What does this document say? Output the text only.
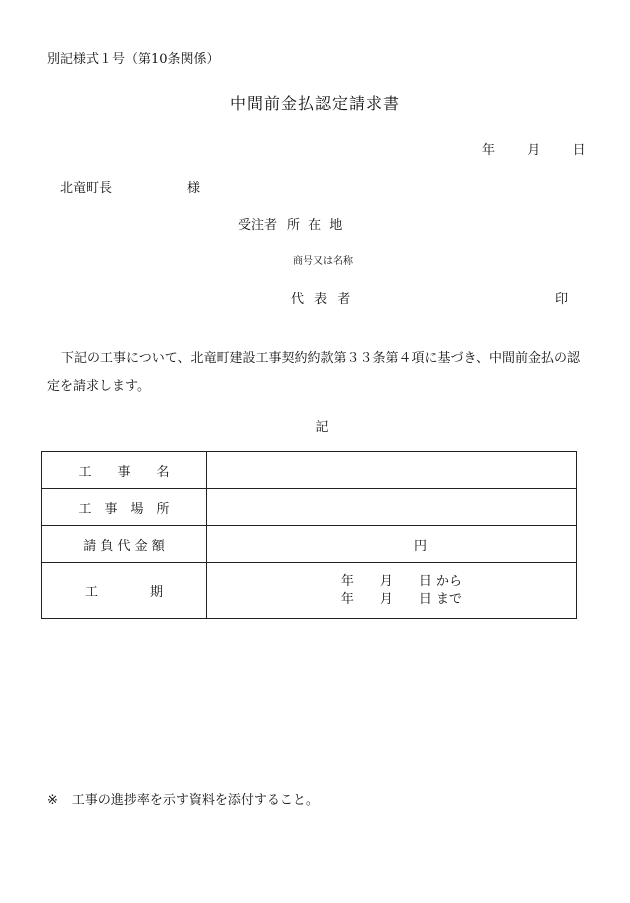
別記様式１号（第10条関係）
中間前金払認定請求書
年 月 日
北竜町長	様
受注者 所 在 地
商号又は名称
代 表 者	印
下記の工事について、北竜町建設工事契約約款第３３条第４項に基づき、中間前金払の認定を請求します。
記
工　　事　　名	
工　事　場　所	
請 負 代 金 額	円
工　　　　期	年　　月　　日 から
年　　月　　日 まで
※ 工事の進捗率を示す資料を添付すること。
